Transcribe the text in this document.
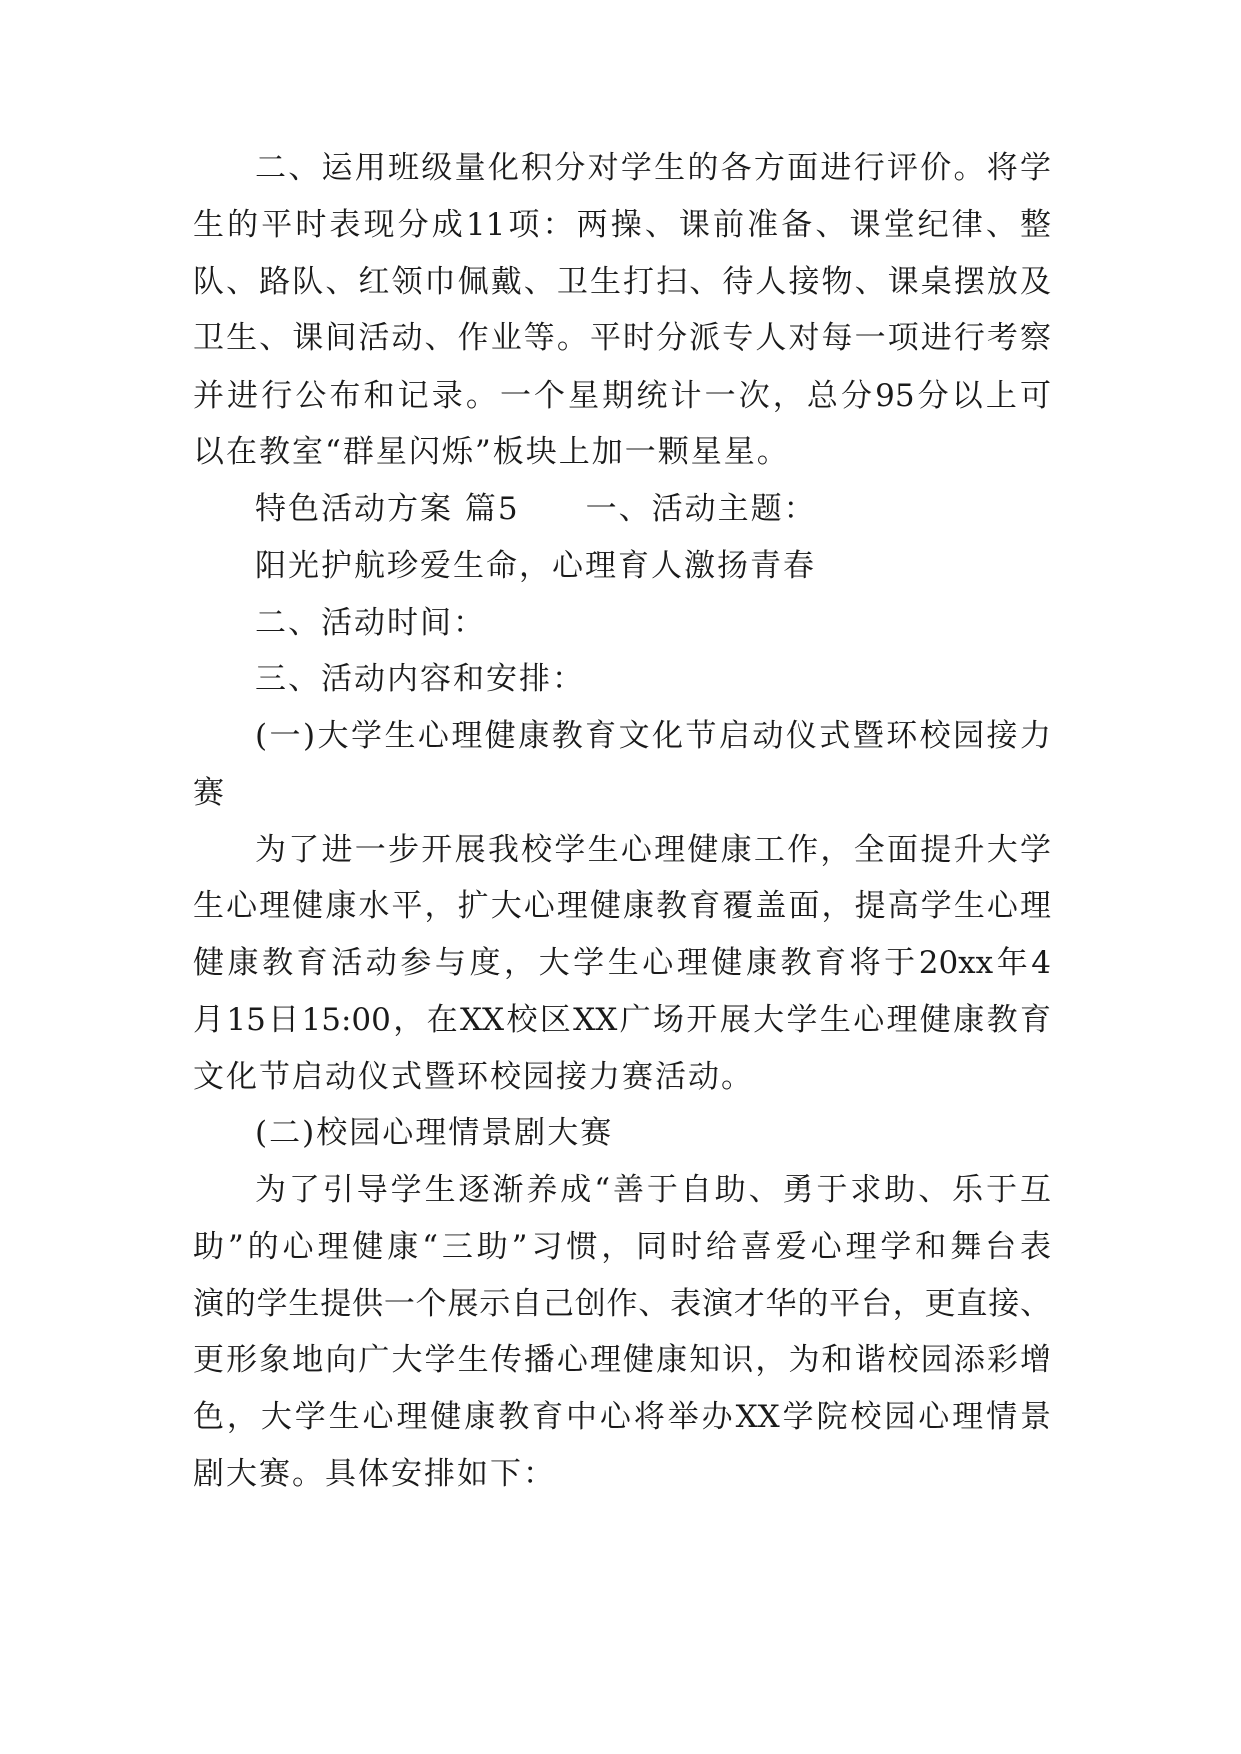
二、运用班级量化积分对学生的各方面进行评价。将学
生的平时表现分成11项：两操、课前准备、课堂纪律、整
队、路队、红领巾佩戴、卫生打扫、待人接物、课桌摆放及
卫生、课间活动、作业等。平时分派专人对每一项进行考察
并进行公布和记录。一个星期统计一次，总分95分以上可
以在教室“群星闪烁”板块上加一颗星星。
特色活动方案 篇5　　一、活动主题：
阳光护航珍爱生命，心理育人激扬青春
二、活动时间：
三、活动内容和安排：
(一)大学生心理健康教育文化节启动仪式暨环校园接力
赛
为了进一步开展我校学生心理健康工作，全面提升大学
生心理健康水平，扩大心理健康教育覆盖面，提高学生心理
健康教育活动参与度，大学生心理健康教育将于20xx年4
月15日15:00，在XX校区XX广场开展大学生心理健康教育
文化节启动仪式暨环校园接力赛活动。
(二)校园心理情景剧大赛
为了引导学生逐渐养成“善于自助、勇于求助、乐于互
助”的心理健康“三助”习惯，同时给喜爱心理学和舞台表
演的学生提供一个展示自己创作、表演才华的平台，更直接、
更形象地向广大学生传播心理健康知识，为和谐校园添彩增
色，大学生心理健康教育中心将举办XX学院校园心理情景
剧大赛。具体安排如下：
